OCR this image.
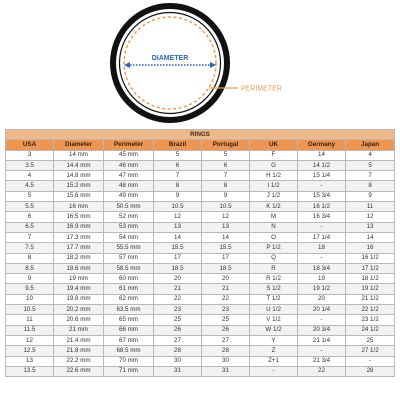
DIAMETER
PERIMETER
RINGS							
USA	Diameter	Perimeter	Brazil	Portugal	UK	Germany	Japan
3	14 mm	45 mm	5	5	F	14	4
3.5	14.4 mm	46 mm	6	6	G	14 1/2	5
4	14.8 mm	47 mm	7	7	H 1/2	15 1/4	7
4.5	15.2 mm	48 mm	8	8	I 1/2	-	8
5	15.6 mm	49 mm	9	9	J 1/2	15 3/4	9
5.5	16 mm	50.5 mm	10.5	10.5	K 1/2	16 1/2	11
6	16.5 mm	52 mm	12	12	M	16 3/4	12
6.5	16.9 mm	53 mm	13	13	N	-	13
7	17.3 mm	54 mm	14	14	O	17 1/4	14
7.5	17.7 mm	55.5 mm	15.5	15.5	P 1/2	18	16
8	18.2 mm	57 mm	17	17	Q	-	16 1/2
8.5	18.6 mm	58.5 mm	18.5	18.5	R	18 3/4	17 1/2
9	19 mm	60 mm	20	20	R 1/2	19	18 1/2
9.5	19.4 mm	61 mm	21	21	S 1/2	19 1/2	19 1/2
10	19.8 mm	62 mm	22	22	T 1/2	20	21 1/2
10.5	20.2 mm	63.5 mm	23	23	U 1/2	20 1/4	22 1/2
11	20.6 mm	65 mm	25	25	V 1/2	-	23 1/2
11.5	21 mm	66 mm	26	26	W 1/2	20 3/4	24 1/2
12	21.4 mm	67 mm	27	27	Y	21 1/4	25
12.5	21.8 mm	68.5 mm	28	28	Z	-	27 1/2
13	22.2 mm	70 mm	30	30	Z+1	21 3/4	-
13.5	22.6 mm	71 mm	31	31	-	22	28
